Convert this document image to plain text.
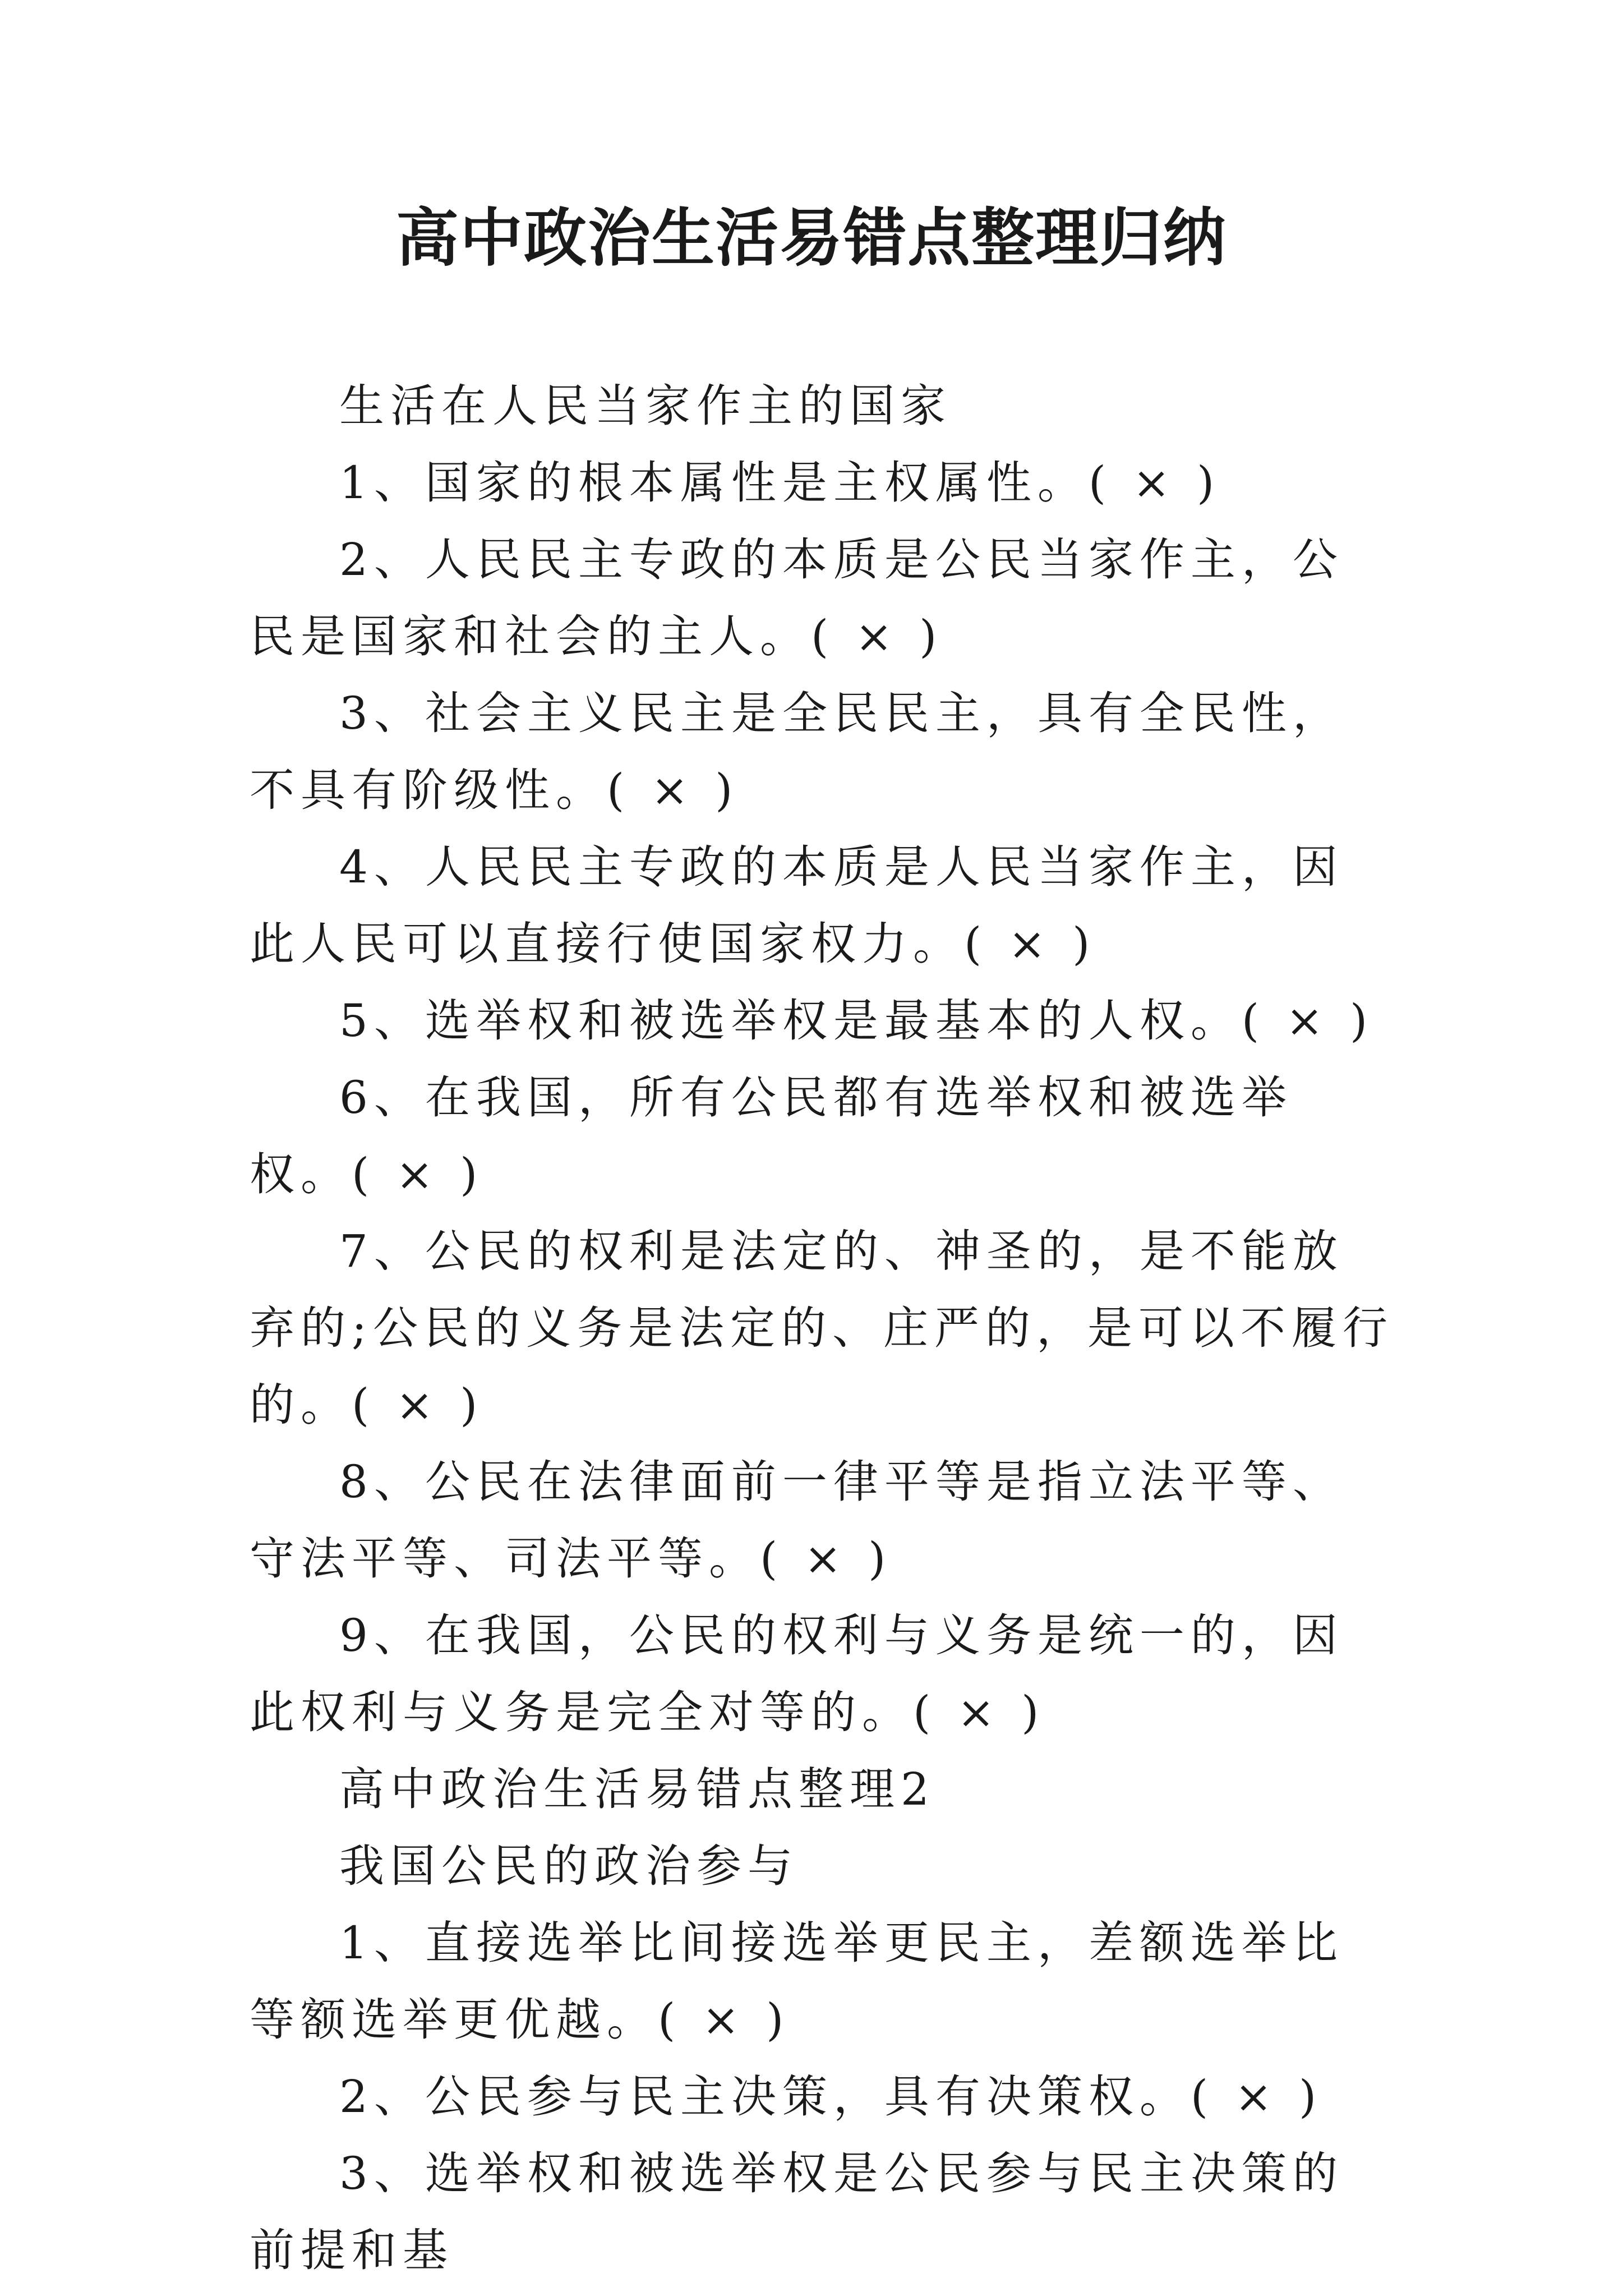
高中政治生活易错点整理归纳

生活在人民当家作主的国家

1、国家的根本属性是主权属性。( × )

2、人民民主专政的本质是公民当家作主，公民是国家和社会的主人。( × )

3、社会主义民主是全民民主，具有全民性，不具有阶级性。( × )

4、人民民主专政的本质是人民当家作主，因此人民可以直接行使国家权力。( × )

5、选举权和被选举权是最基本的人权。( × )

6、在我国，所有公民都有选举权和被选举权。( × )

7、公民的权利是法定的、神圣的，是不能放弃的;公民的义务是法定的、庄严的，是可以不履行的。( × )

8、公民在法律面前一律平等是指立法平等、守法平等、司法平等。( × )

9、在我国，公民的权利与义务是统一的，因此权利与义务是完全对等的。( × )

高中政治生活易错点整理2

我国公民的政治参与

1、直接选举比间接选举更民主，差额选举比等额选举更优越。( × )

2、公民参与民主决策，具有决策权。( × )

3、选举权和被选举权是公民参与民主决策的前提和基
